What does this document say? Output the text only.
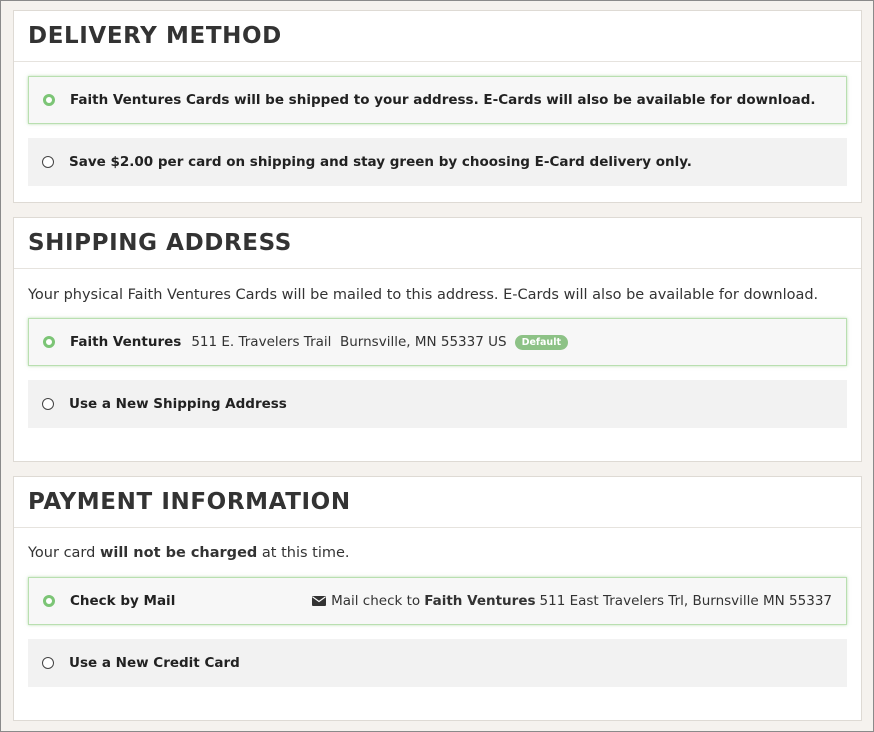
DELIVERY METHOD
Faith Ventures Cards will be shipped to your address. E-Cards will also be available for download.
Save $2.00 per card on shipping and stay green by choosing E-Card delivery only.
SHIPPING ADDRESS
Your physical Faith Ventures Cards will be mailed to this address. E-Cards will also be available for download.
Faith Ventures 511 E. Travelers Trail  Burnsville, MN 55337 US	Default
Use a New Shipping Address
PAYMENT INFORMATION
Your card will not be charged at this time.
Check by Mail	Mail check to Faith Ventures 511 East Travelers Trl, Burnsville MN 55337
Use a New Credit Card
